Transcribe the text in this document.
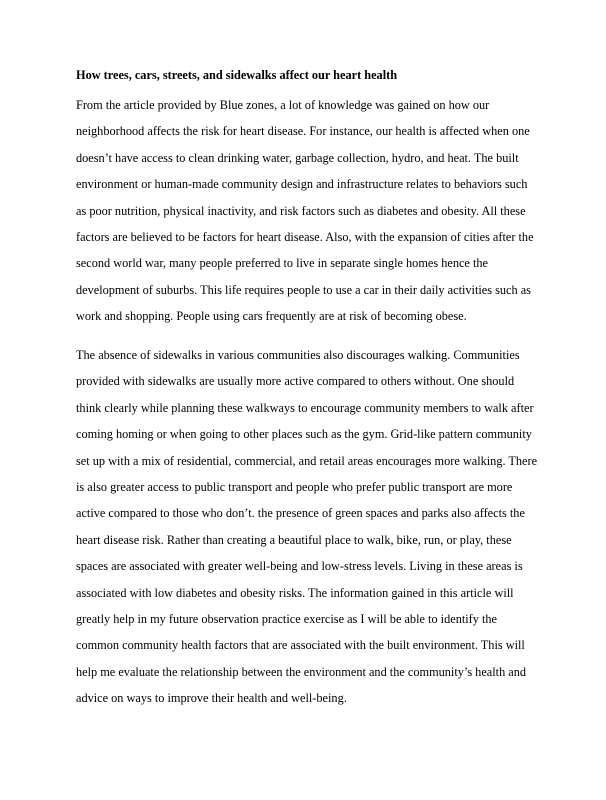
How trees, cars, streets, and sidewalks affect our heart health
From the article provided by Blue zones, a lot of knowledge was gained on how our
neighborhood affects the risk for heart disease. For instance, our health is affected when one
doesn’t have access to clean drinking water, garbage collection, hydro, and heat. The built
environment or human-made community design and infrastructure relates to behaviors such
as poor nutrition, physical inactivity, and risk factors such as diabetes and obesity. All these
factors are believed to be factors for heart disease. Also, with the expansion of cities after the
second world war, many people preferred to live in separate single homes hence the
development of suburbs. This life requires people to use a car in their daily activities such as
work and shopping. People using cars frequently are at risk of becoming obese.
The absence of sidewalks in various communities also discourages walking. Communities
provided with sidewalks are usually more active compared to others without. One should
think clearly while planning these walkways to encourage community members to walk after
coming homing or when going to other places such as the gym. Grid-like pattern community
set up with a mix of residential, commercial, and retail areas encourages more walking. There
is also greater access to public transport and people who prefer public transport are more
active compared to those who don’t. the presence of green spaces and parks also affects the
heart disease risk. Rather than creating a beautiful place to walk, bike, run, or play, these
spaces are associated with greater well-being and low-stress levels. Living in these areas is
associated with low diabetes and obesity risks. The information gained in this article will
greatly help in my future observation practice exercise as I will be able to identify the
common community health factors that are associated with the built environment. This will
help me evaluate the relationship between the environment and the community’s health and
advice on ways to improve their health and well-being.
